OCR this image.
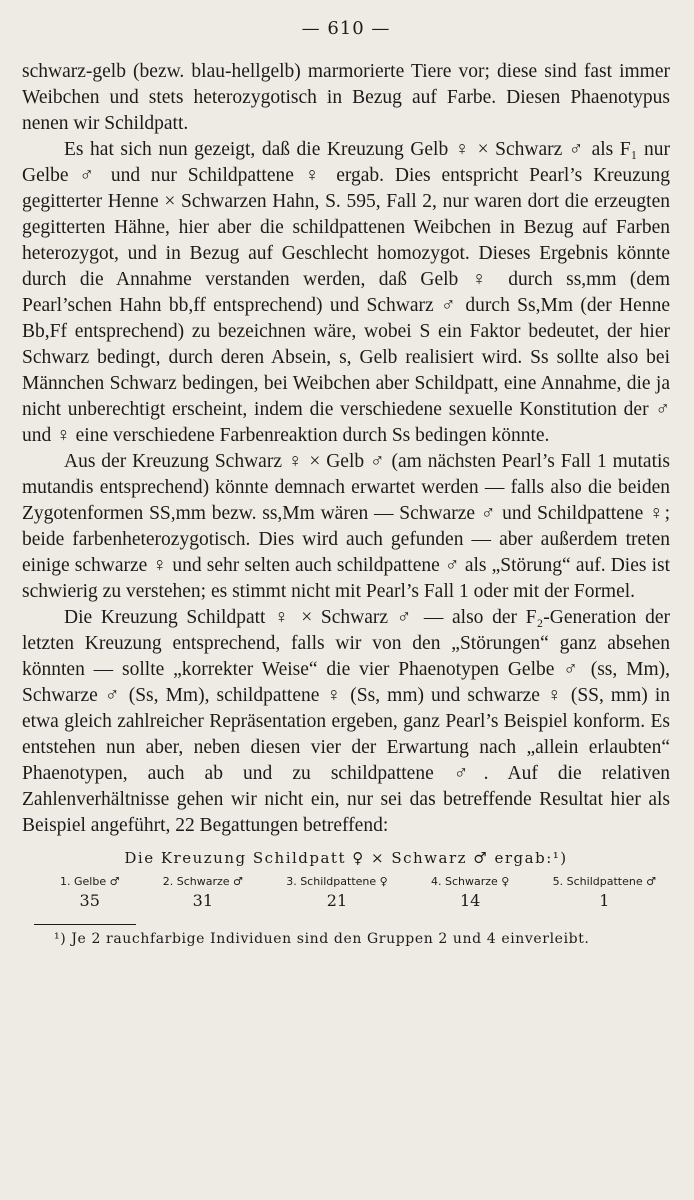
— 610 —

schwarz-gelb (bezw. blau-hellgelb) marmorierte Tiere vor; diese sind fast immer Weibchen und stets heterozygotisch in Bezug auf Farbe. Diesen Phaenotypus nenen wir Schildpatt.

Es hat sich nun gezeigt, daß die Kreuzung Gelb ♀ × Schwarz ♂ als F₁ nur Gelbe ♂ und nur Schildpattene ♀ ergab. Dies entspricht Pearl’s Kreuzung gegitterter Henne × Schwarzen Hahn, S. 595, Fall 2, nur waren dort die erzeugten gegitterten Hähne, hier aber die schildpattenen Weibchen in Bezug auf Farben heterozygot, und in Bezug auf Geschlecht homozygot. Dieses Ergebnis könnte durch die Annahme verstanden werden, daß Gelb ♀ durch ss,mm (dem Pearl’schen Hahn bb,ff entsprechend) und Schwarz ♂ durch Ss,Mm (der Henne Bb,Ff entsprechend) zu bezeichnen wäre, wobei S ein Faktor bedeutet, der hier Schwarz bedingt, durch deren Absein, s, Gelb realisiert wird. Ss sollte also bei Männchen Schwarz bedingen, bei Weibchen aber Schildpatt, eine Annahme, die ja nicht unberechtigt erscheint, indem die verschiedene sexuelle Konstitution der ♂ und ♀ eine verschiedene Farbenreaktion durch Ss bedingen könnte.

Aus der Kreuzung Schwarz ♀ × Gelb ♂ (am nächsten Pearl’s Fall 1 mutatis mutandis entsprechend) könnte demnach erwartet werden — falls also die beiden Zygotenformen SS,mm bezw. ss,Mm wären — Schwarze ♂ und Schildpattene ♀; beide farbenheterozygotisch. Dies wird auch gefunden — aber außerdem treten einige schwarze ♀ und sehr selten auch schildpattene ♂ als „Störung“ auf. Dies ist schwierig zu verstehen; es stimmt nicht mit Pearl’s Fall 1 oder mit der Formel.

Die Kreuzung Schildpatt ♀ × Schwarz ♂ — also der F₂-Generation der letzten Kreuzung entsprechend, falls wir von den „Störungen“ ganz absehen könnten — sollte „korrekter Weise“ die vier Phaenotypen Gelbe ♂ (ss, Mm), Schwarze ♂ (Ss, Mm), schildpattene ♀ (Ss, mm) und schwarze ♀ (SS, mm) in etwa gleich zahlreicher Repräsentation ergeben, ganz Pearl’s Beispiel konform. Es entstehen nun aber, neben diesen vier der Erwartung nach „allein erlaubten“ Phaenotypen, auch ab und zu schildpattene ♂. Auf die relativen Zahlenverhältnisse gehen wir nicht ein, nur sei das betreffende Resultat hier als Beispiel angeführt, 22 Begattungen betreffend:

Die Kreuzung Schildpatt ♀ × Schwarz ♂ ergab:¹)
1. Gelbe ♂
35
2. Schwarze ♂
31
3. Schildpattene ♀
21
4. Schwarze ♀
14
5. Schildpattene ♂
1
¹) Je 2 rauchfarbige Individuen sind den Gruppen 2 und 4 einverleibt.
